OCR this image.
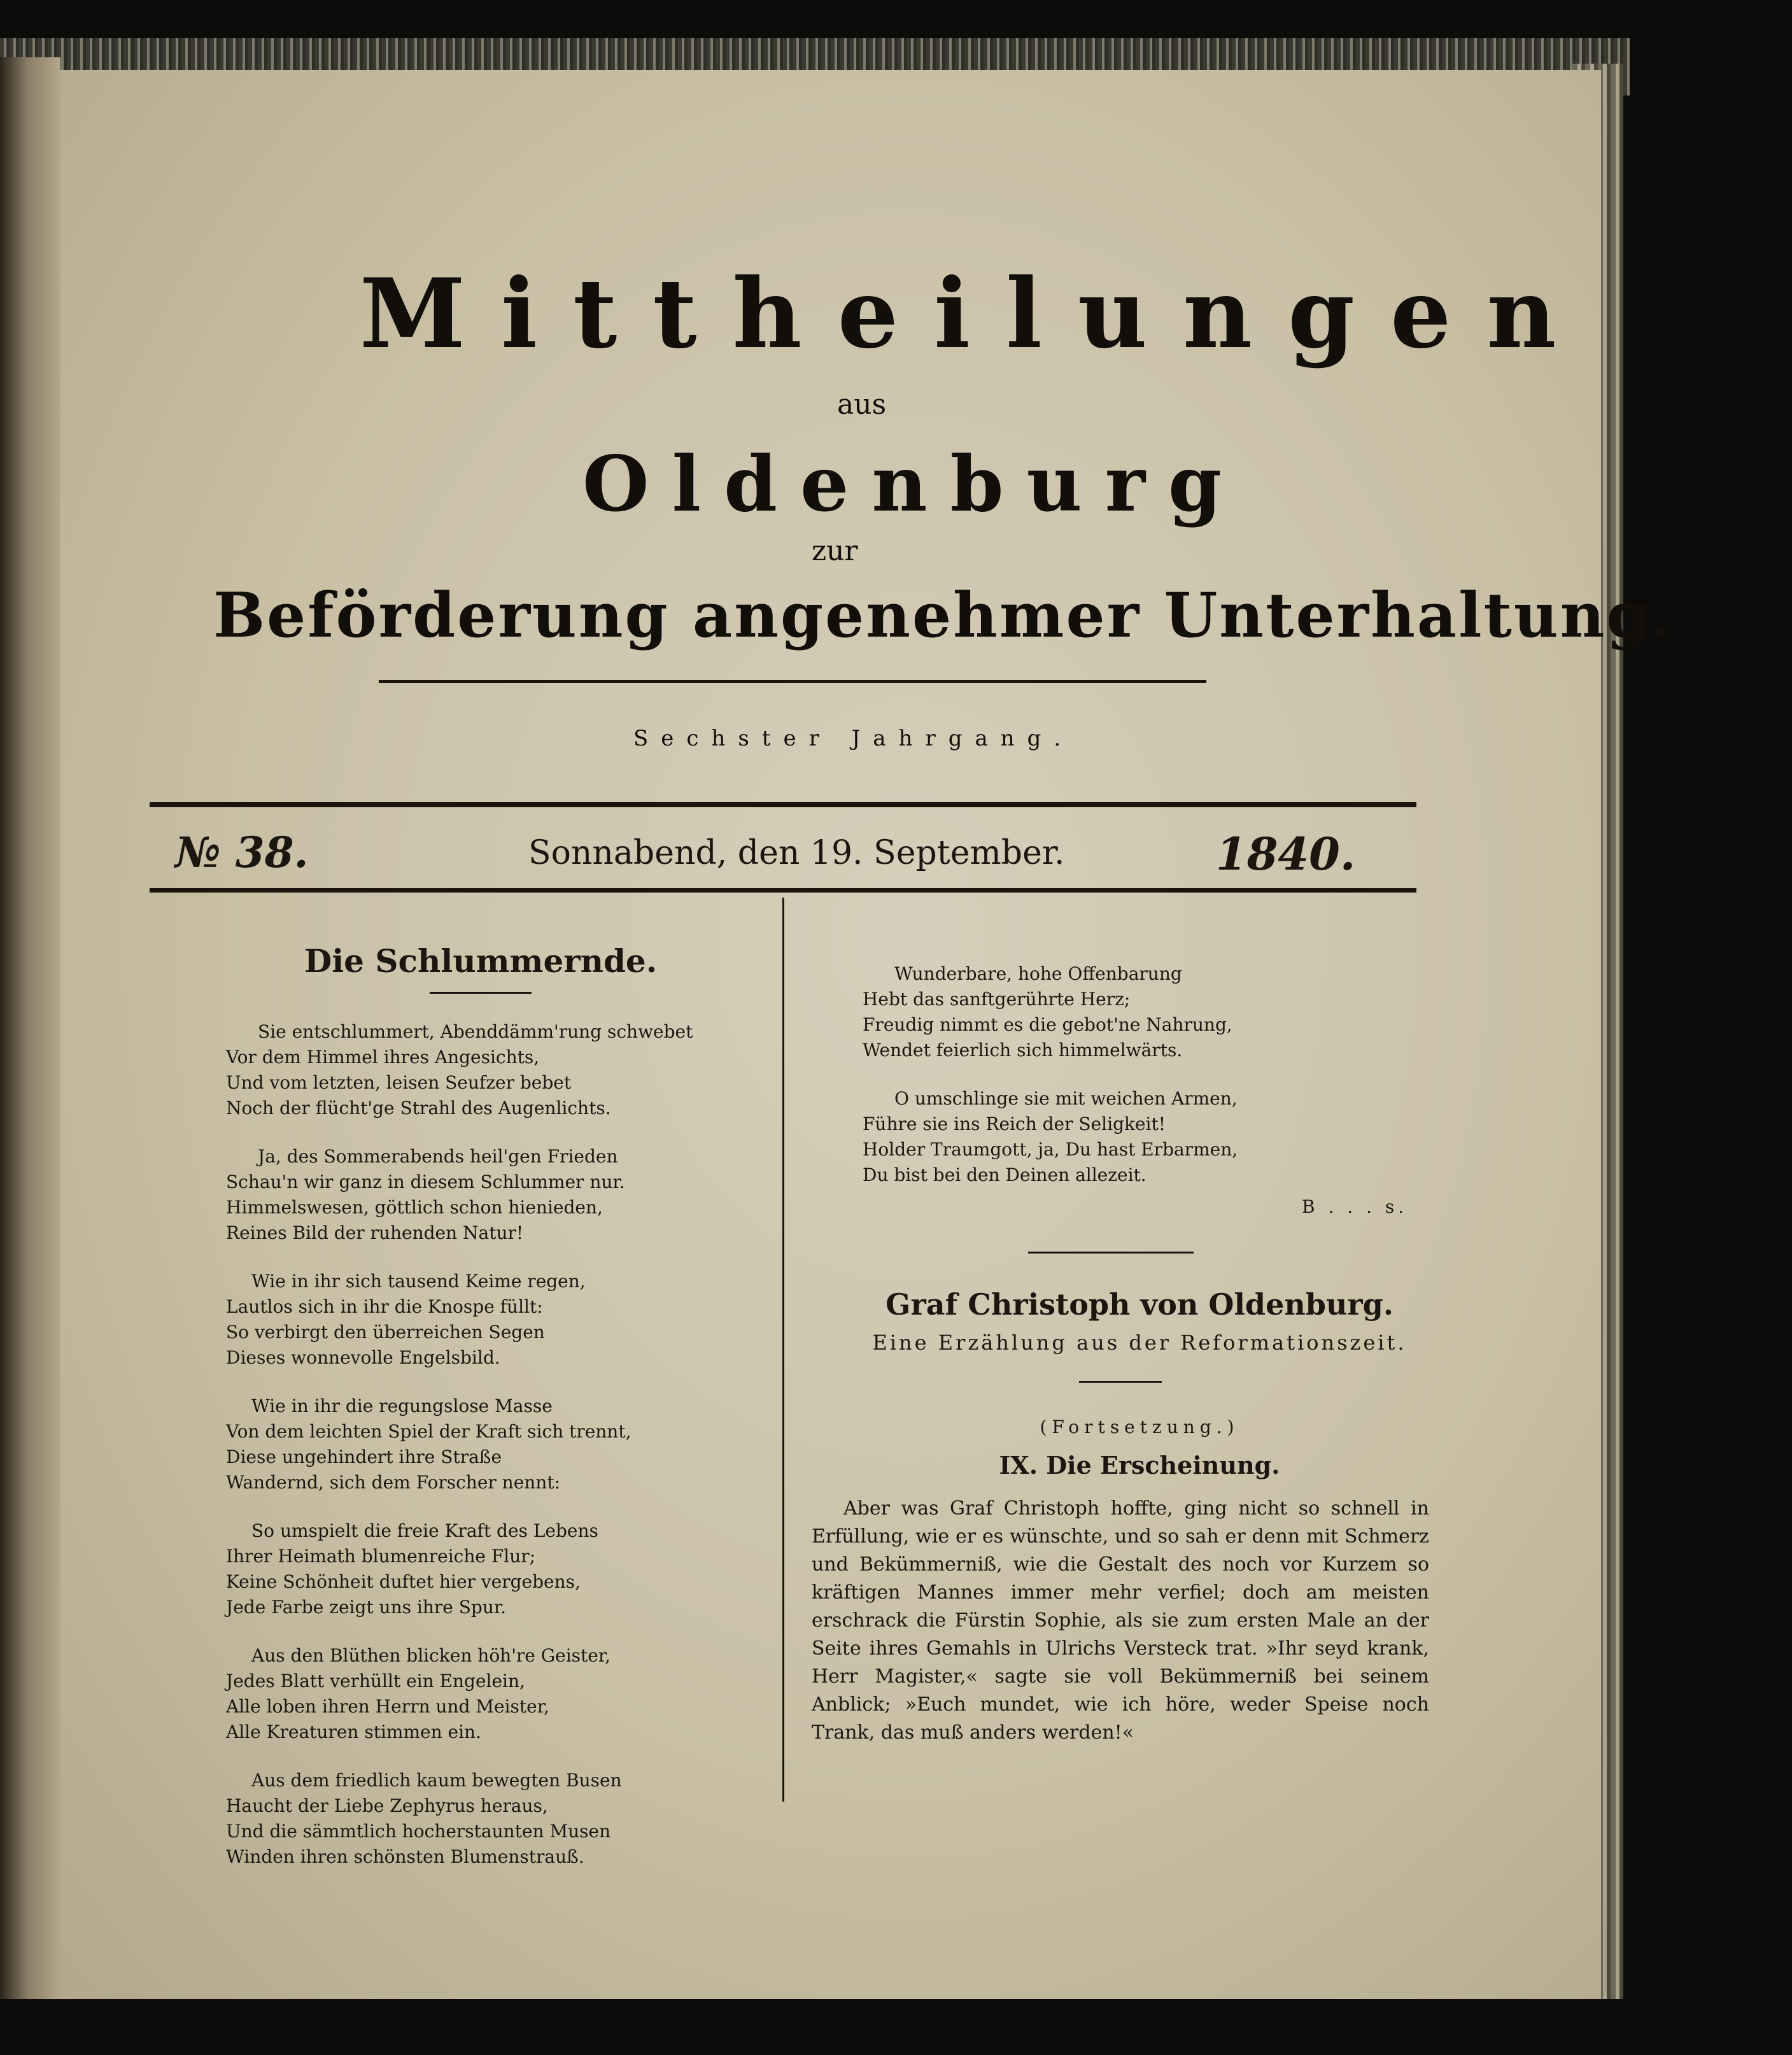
Mittheilungen
aus
Oldenburg
zur
Beförderung angenehmer Unterhaltung.
Sechster Jahrgang.
№ 38.	Sonnabend, den 19. September.	1840.
Die Schlummernde.
Sie entschlummert, Abenddämm'rung schwebet
Vor dem Himmel ihres Angesichts,
Und vom letzten, leisen Seufzer bebet
Noch der flücht'ge Strahl des Augenlichts.
Ja, des Sommerabends heil'gen Frieden
Schau'n wir ganz in diesem Schlummer nur.
Himmelswesen, göttlich schon hienieden,
Reines Bild der ruhenden Natur!
Wie in ihr sich tausend Keime regen,
Lautlos sich in ihr die Knospe füllt:
So verbirgt den überreichen Segen
Dieses wonnevolle Engelsbild.
Wie in ihr die regungslose Masse
Von dem leichten Spiel der Kraft sich trennt,
Diese ungehindert ihre Straße
Wandernd, sich dem Forscher nennt:
So umspielt die freie Kraft des Lebens
Ihrer Heimath blumenreiche Flur;
Keine Schönheit duftet hier vergebens,
Jede Farbe zeigt uns ihre Spur.
Aus den Blüthen blicken höh're Geister,
Jedes Blatt verhüllt ein Engelein,
Alle loben ihren Herrn und Meister,
Alle Kreaturen stimmen ein.
Aus dem friedlich kaum bewegten Busen
Haucht der Liebe Zephyrus heraus,
Und die sämmtlich hocherstaunten Musen
Winden ihren schönsten Blumenstrauß.
Wunderbare, hohe Offenbarung
Hebt das sanftgerührte Herz;
Freudig nimmt es die gebot'ne Nahrung,
Wendet feierlich sich himmelwärts.
O umschlinge sie mit weichen Armen,
Führe sie ins Reich der Seligkeit!
Holder Traumgott, ja, Du hast Erbarmen,
Du bist bei den Deinen allezeit.
B . . . s.
Graf Christoph von Oldenburg.
Eine Erzählung aus der Reformationszeit.
(Fortsetzung.)
IX. Die Erscheinung.
Aber was Graf Christoph hoffte, ging nicht so schnell in Erfüllung, wie er es wünschte, und so sah er denn mit Schmerz und Bekümmerniß, wie die Gestalt des noch vor Kurzem so kräftigen Mannes immer mehr verfiel; doch am meisten erschrack die Fürstin Sophie, als sie zum ersten Male an der Seite ihres Gemahls in Ulrichs Versteck trat. »Ihr seyd krank, Herr Magister,« sagte sie voll Bekümmerniß bei seinem Anblick; »Euch mundet, wie ich höre, weder Speise noch Trank, das muß anders werden!«
